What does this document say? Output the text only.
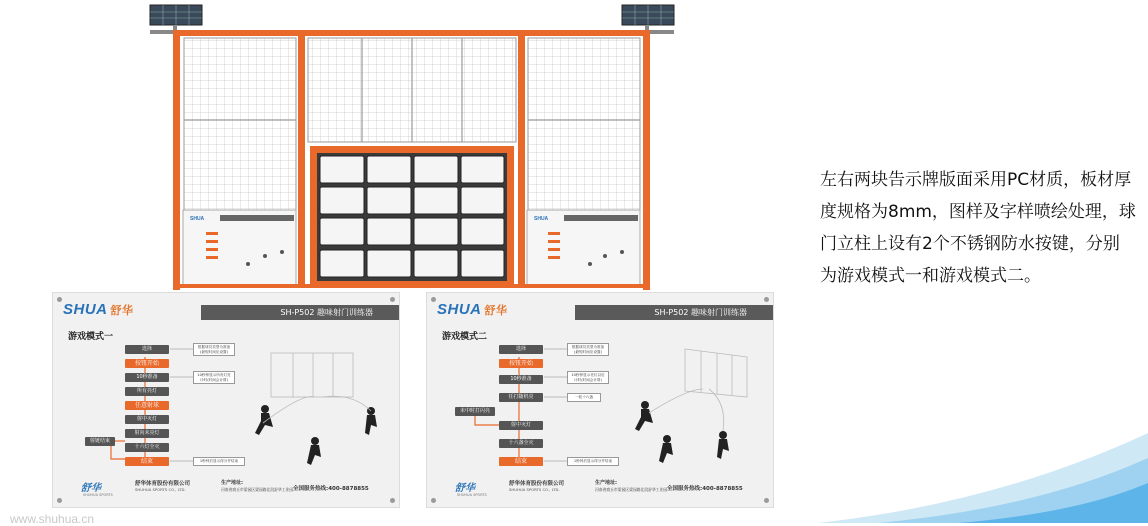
SHUA	SHUA
SHUA 舒华	SH-P502 趣味射门训练器
游戏模式一
选择
按钮开始
10秒准备
所有亮灯
任意射球
射中灭灯
射向未亮灯
十六灯全灭
射链结束
结束
根据球员类型为准备
(最短时间应设置)
10秒钟显示所有灯亮
计时(时间会计算)
1秒钟后显示得分并结束
舒华
SHUHUA SPORTS
舒华体育股份有限公司
SHUHUA SPORTS CO., LTD.
生产地址:
河南省商丘市梁园区梁园路北段舒华工业园 全国服务热线:400-8878855
SHUA 舒华	SH-P502 趣味射门训练器
游戏模式二
选择
按钮开始
10秒准备
任打随机亮
射中灭灯
十六盏全灭
结束
未中时打闪亮
根据球员类型为准备
(最短时间应设置)
10秒钟显示亮灯以后
计时(时间会计算)
一轮十六盏
1秒钟后显示得分并结束
舒华
SHUHUA SPORTS
舒华体育股份有限公司
SHUHUA SPORTS CO., LTD.
生产地址:
河南省商丘市梁园区梁园路北段舒华工业园 全国服务热线:400-8878855
左右两块告示牌版面采用PC材质，板材厚度规格为8mm，图样及字样喷绘处理，球门立柱上设有2个不锈钢防水按键，分别为游戏模式一和游戏模式二。
www.shuhua.cn
